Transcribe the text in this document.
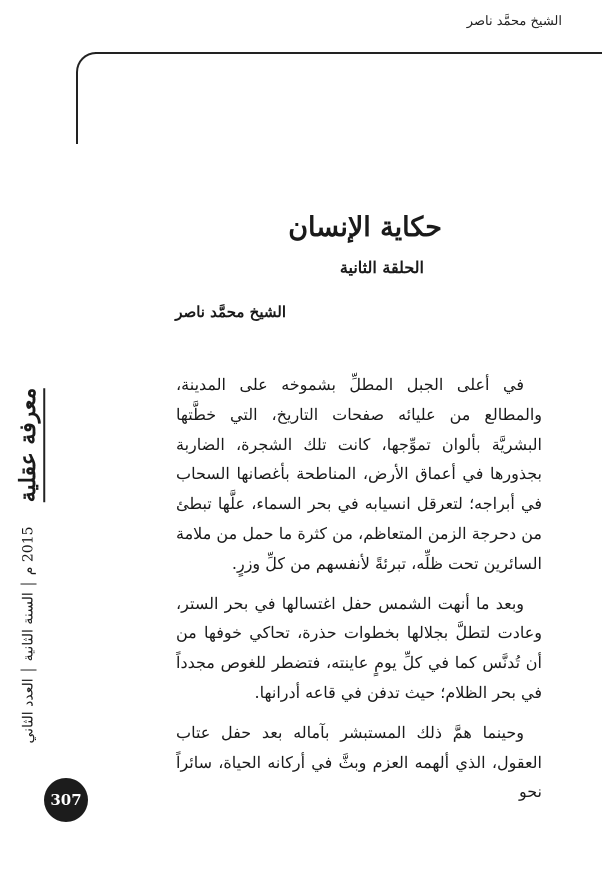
الشيخ محمَّد ناصر
حكاية الإنسان
الحلقة الثانية
الشيخ محمَّد ناصر

في أعلى الجبل المطلِّ بشموخه على المدينة، والمطالع من عليائه صفحات التاريخ، التي خطَّتها البشريَّة بألوان تموِّجها، كانت تلك الشجرة، الضاربة بجذورها في أعماق الأرض، المناطحة بأغصانها السحاب في أبراجه؛ لتعرقل انسيابه في بحر السماء، علَّها تبطئ من دحرجة الزمن المتعاظم، من كثرة ما حمل من ملامة السائرين تحت ظلِّه، تبرئةً لأنفسهم من كلِّ وزرٍ.

وبعد ما أنهت الشمس حفل اغتسالها في بحر الستر، وعادت لتطلَّ بجلالها بخطوات حذرة، تحاكي خوفها من أن تُدنَّس كما في كلِّ يومٍ عاينته، فتضطر للغوص مجدداً في بحر الظلام؛ حيث تدفن في قاعه أدرانها.

وحينما همَّ ذلك المستبشر بآماله بعد حفل عتاب العقول، الذي ألهمه العزم وبثَّ في أركانه الحياة، سائراً نحو

معرفة عقلية
العدد الثاني
السنة الثانية
2015 م
307
